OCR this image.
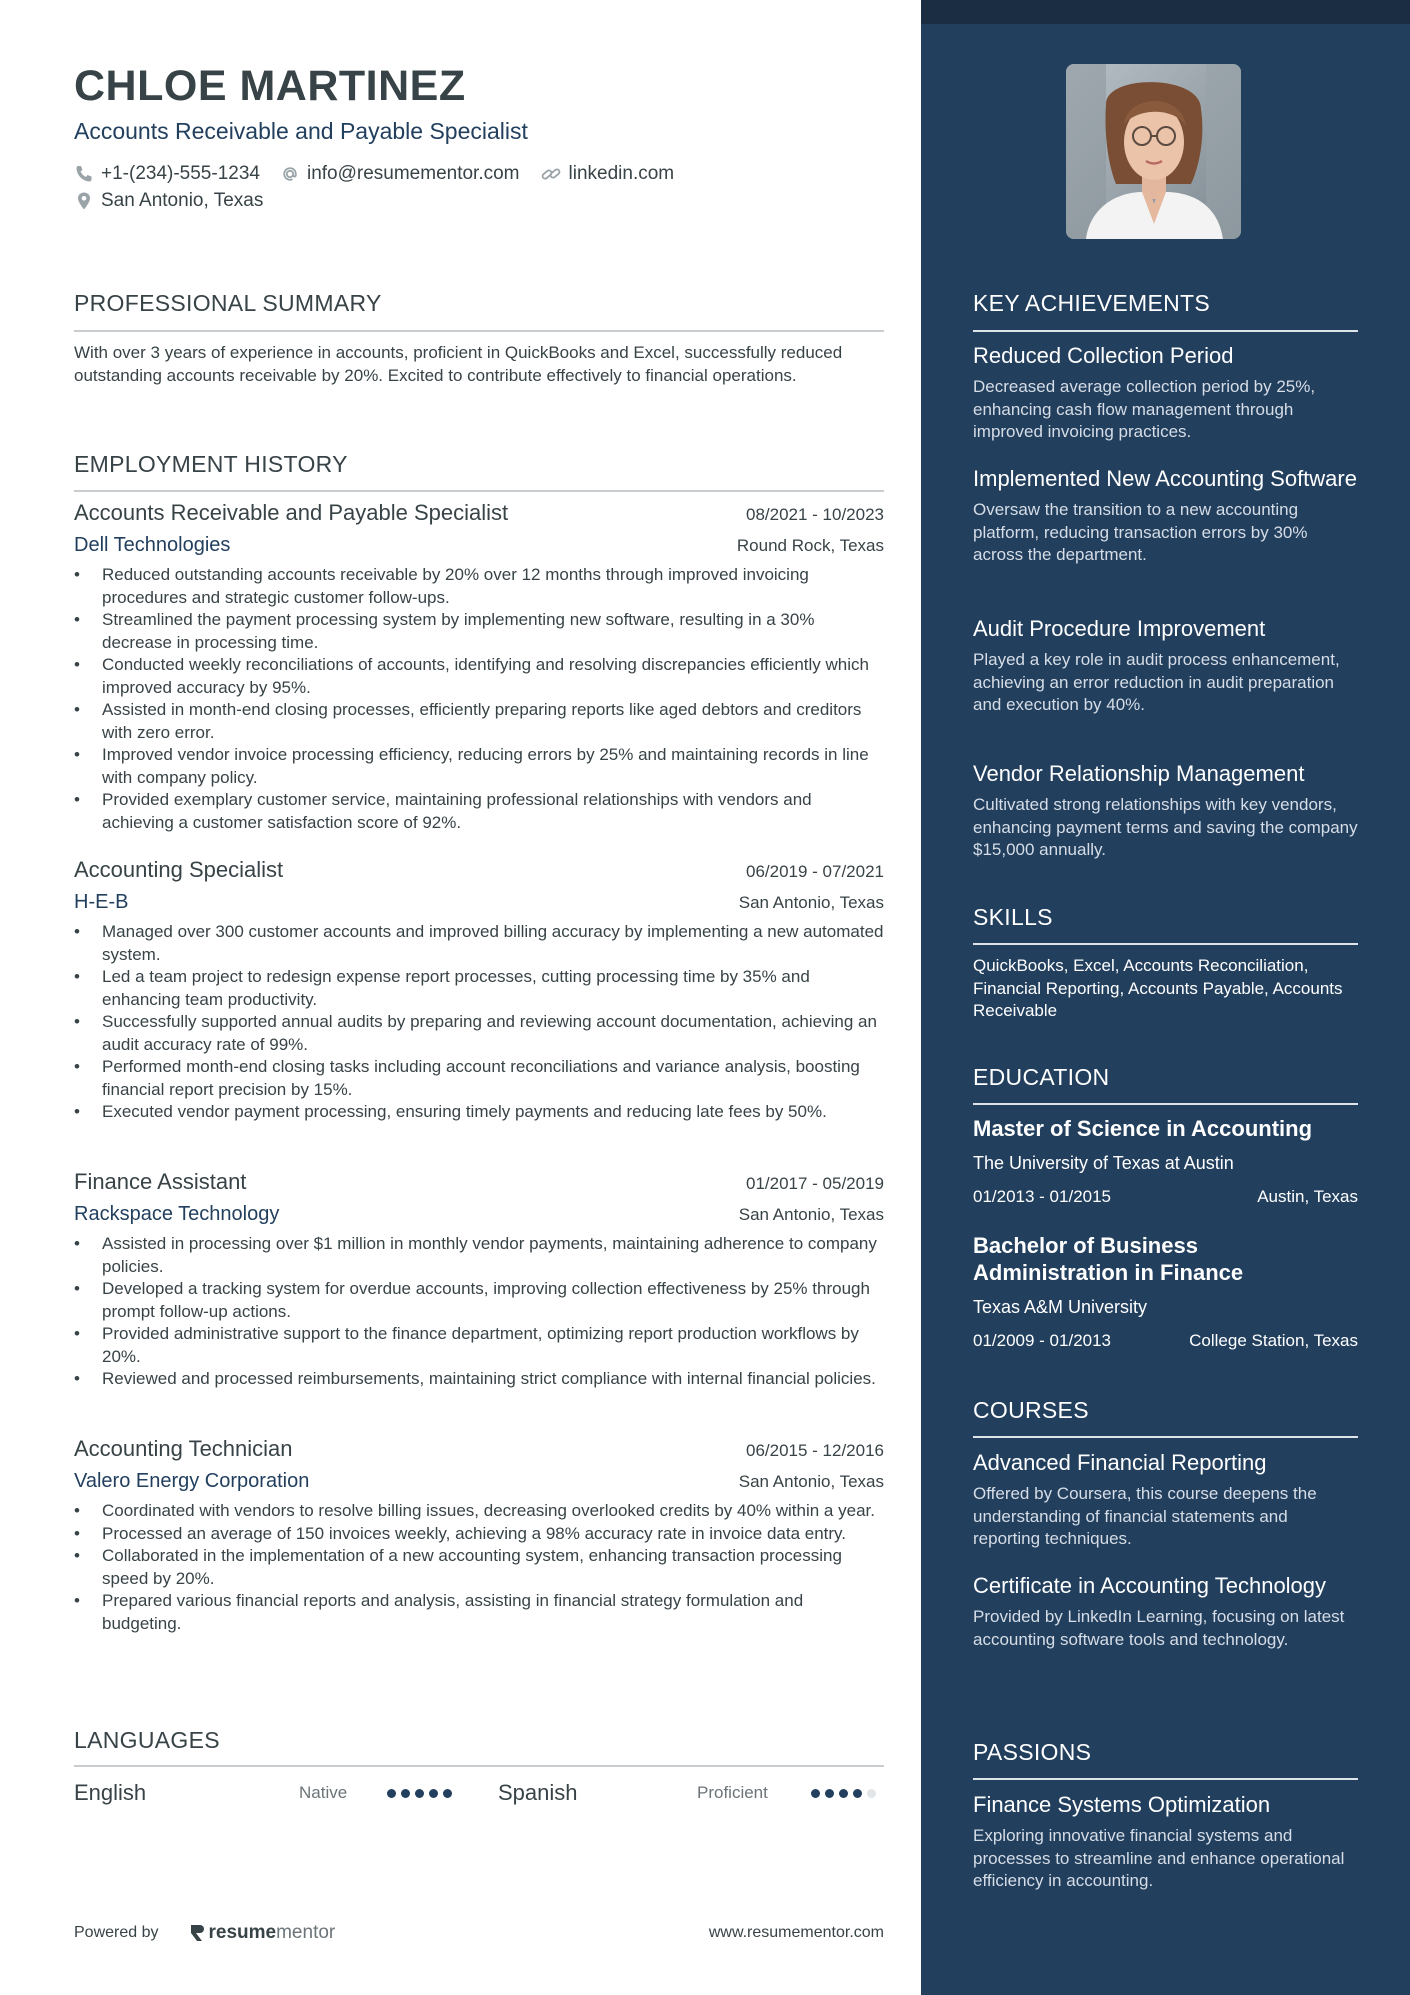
CHLOE MARTINEZ
Accounts Receivable and Payable Specialist
+1-(234)-555-1234 info@resumementor.com	linkedin.com
San Antonio, Texas
PROFESSIONAL SUMMARY
With over 3 years of experience in accounts, proficient in QuickBooks and Excel, successfully reduced outstanding accounts receivable by 20%. Excited to contribute effectively to financial operations.
EMPLOYMENT HISTORY
Accounts Receivable and Payable Specialist	08/2021 - 10/2023
Dell Technologies	Round Rock, Texas
• Reduced outstanding accounts receivable by 20% over 12 months through improved invoicing procedures and strategic customer follow-ups.
• Streamlined the payment processing system by implementing new software, resulting in a 30% decrease in processing time.
• Conducted weekly reconciliations of accounts, identifying and resolving discrepancies efficiently which improved accuracy by 95%.
• Assisted in month-end closing processes, efficiently preparing reports like aged debtors and creditors with zero error.
• Improved vendor invoice processing efficiency, reducing errors by 25% and maintaining records in line with company policy.
• Provided exemplary customer service, maintaining professional relationships with vendors and achieving a customer satisfaction score of 92%.
Accounting Specialist	06/2019 - 07/2021
H-E-B	San Antonio, Texas
• Managed over 300 customer accounts and improved billing accuracy by implementing a new automated system.
• Led a team project to redesign expense report processes, cutting processing time by 35% and enhancing team productivity.
• Successfully supported annual audits by preparing and reviewing account documentation, achieving an audit accuracy rate of 99%.
• Performed month-end closing tasks including account reconciliations and variance analysis, boosting financial report precision by 15%.
• Executed vendor payment processing, ensuring timely payments and reducing late fees by 50%.
Finance Assistant	01/2017 - 05/2019
Rackspace Technology	San Antonio, Texas
• Assisted in processing over $1 million in monthly vendor payments, maintaining adherence to company policies.
• Developed a tracking system for overdue accounts, improving collection effectiveness by 25% through prompt follow-up actions.
• Provided administrative support to the finance department, optimizing report production workflows by 20%.
• Reviewed and processed reimbursements, maintaining strict compliance with internal financial policies.
Accounting Technician	06/2015 - 12/2016
Valero Energy Corporation	San Antonio, Texas
• Coordinated with vendors to resolve billing issues, decreasing overlooked credits by 40% within a year.
• Processed an average of 150 invoices weekly, achieving a 98% accuracy rate in invoice data entry.
• Collaborated in the implementation of a new accounting system, enhancing transaction processing speed by 20%.
• Prepared various financial reports and analysis, assisting in financial strategy formulation and budgeting.
LANGUAGES
English	Native	Spanish	Proficient
Powered by	resume mentor	www.resumementor.com
KEY ACHIEVEMENTS
Reduced Collection Period
Decreased average collection period by 25%, enhancing cash flow management through improved invoicing practices.
Implemented New Accounting Software
Oversaw the transition to a new accounting platform, reducing transaction errors by 30% across the department.
Audit Procedure Improvement
Played a key role in audit process enhancement, achieving an error reduction in audit preparation and execution by 40%.
Vendor Relationship Management
Cultivated strong relationships with key vendors, enhancing payment terms and saving the company $15,000 annually.
SKILLS
QuickBooks, Excel, Accounts Reconciliation, Financial Reporting, Accounts Payable, Accounts Receivable
EDUCATION
Master of Science in Accounting
The University of Texas at Austin
01/2013 - 01/2015	Austin, Texas
Bachelor of Business Administration in Finance
Texas A&M University
01/2009 - 01/2013	College Station, Texas
COURSES
Advanced Financial Reporting
Offered by Coursera, this course deepens the understanding of financial statements and reporting techniques.
Certificate in Accounting Technology
Provided by LinkedIn Learning, focusing on latest accounting software tools and technology.
PASSIONS
Finance Systems Optimization
Exploring innovative financial systems and processes to streamline and enhance operational efficiency in accounting.
